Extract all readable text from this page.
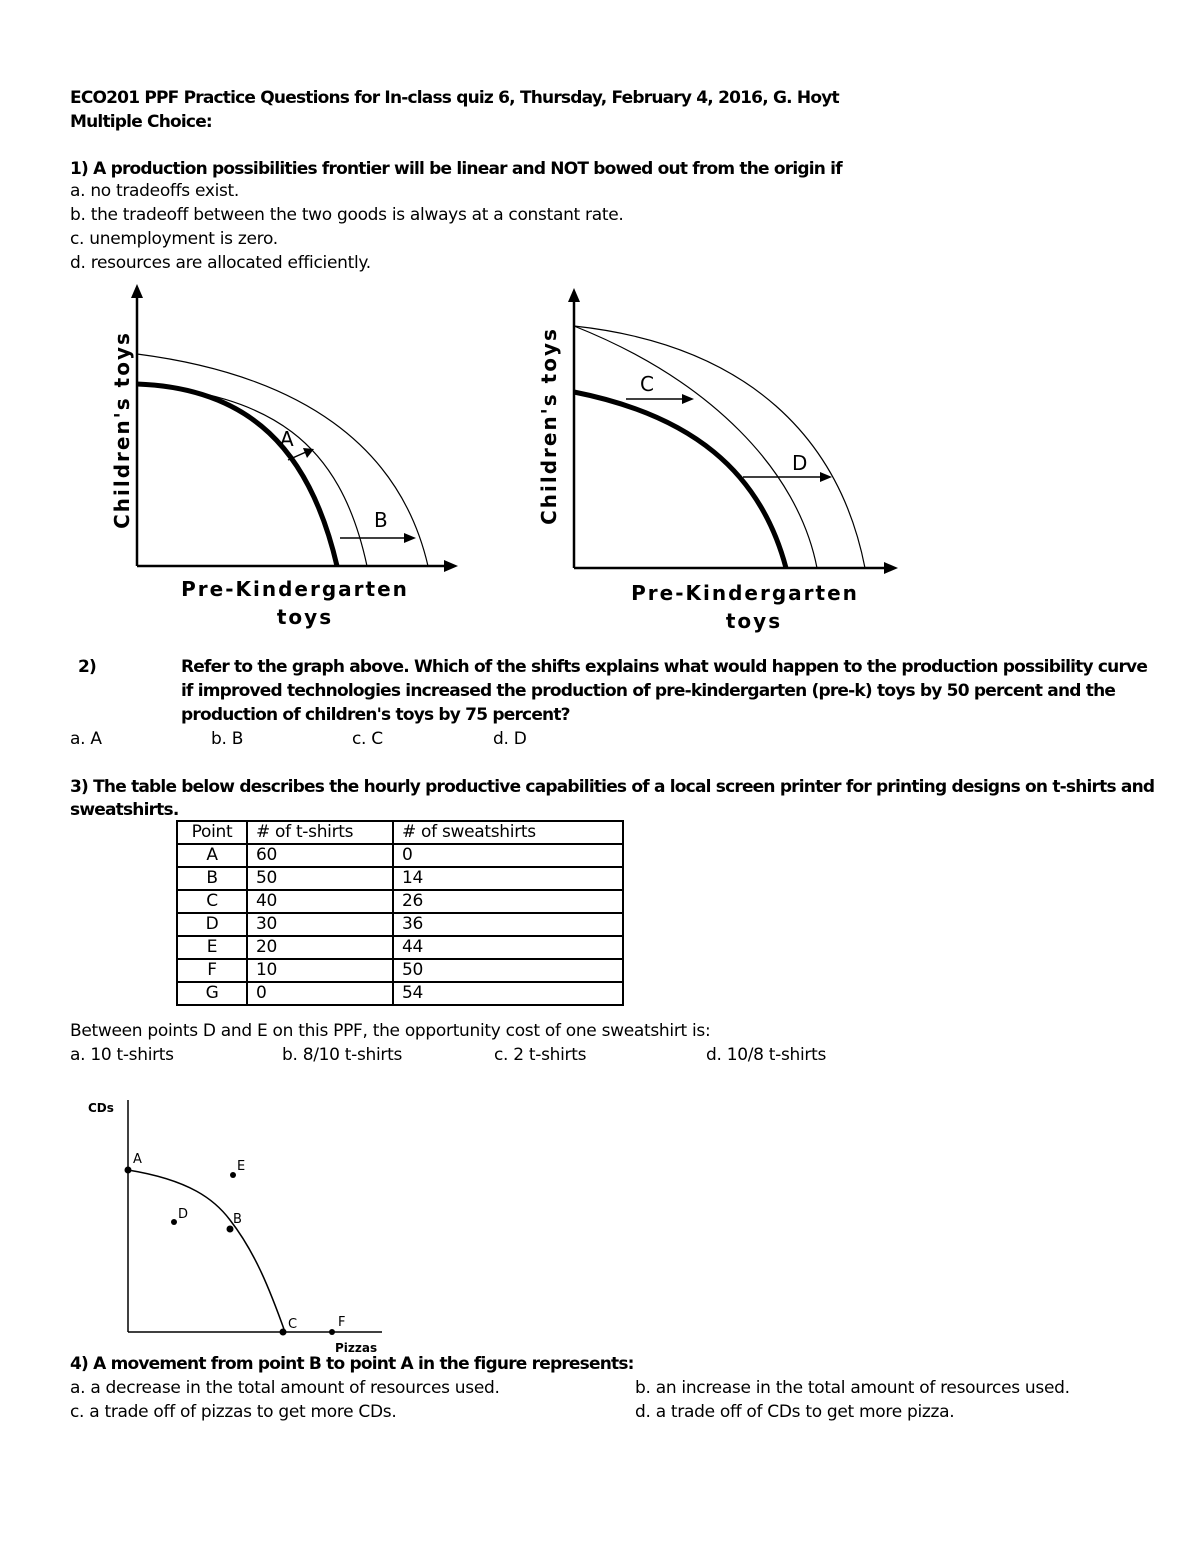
ECO201 PPF Practice Questions for In-class quiz 6, Thursday, February 4, 2016, G. Hoyt
Multiple Choice:
1) A production possibilities frontier will be linear and NOT bowed out from the origin if
a. no tradeoffs exist.
b. the tradeoff between the two goods is always at a constant rate.
c. unemployment is zero.
d. resources are allocated efficiently.
A
B
Children's toys
Pre-Kindergarten
toys
C
D
Children's toys
Pre-Kindergarten
toys
2)	Refer to the graph above. Which of the shifts explains what would happen to the production possibility curve
if improved technologies increased the production of pre-kindergarten (pre-k) toys by 50 percent and the
production of children's toys by 75 percent?
a. A	b. B	c. C	d. D
3) The table below describes the hourly productive capabilities of a local screen printer for printing designs on t-shirts and
sweatshirts.
Point	# of t-shirts	# of sweatshirts
A	60	0
B	50	14
C	40	26
D	30	36
E	20	44
F	10	50
G	0	54
Between points D and E on this PPF, the opportunity cost of one sweatshirt is:
a. 10 t-shirts	b. 8/10 t-shirts	c. 2 t-shirts	d. 10/8 t-shirts
CDs
Pizzas
A
B
C
D
E
F
4) A movement from point B to point A in the figure represents:
a. a decrease in the total amount of resources used.	b. an increase in the total amount of resources used.
c. a trade off of pizzas to get more CDs.	d. a trade off of CDs to get more pizza.
